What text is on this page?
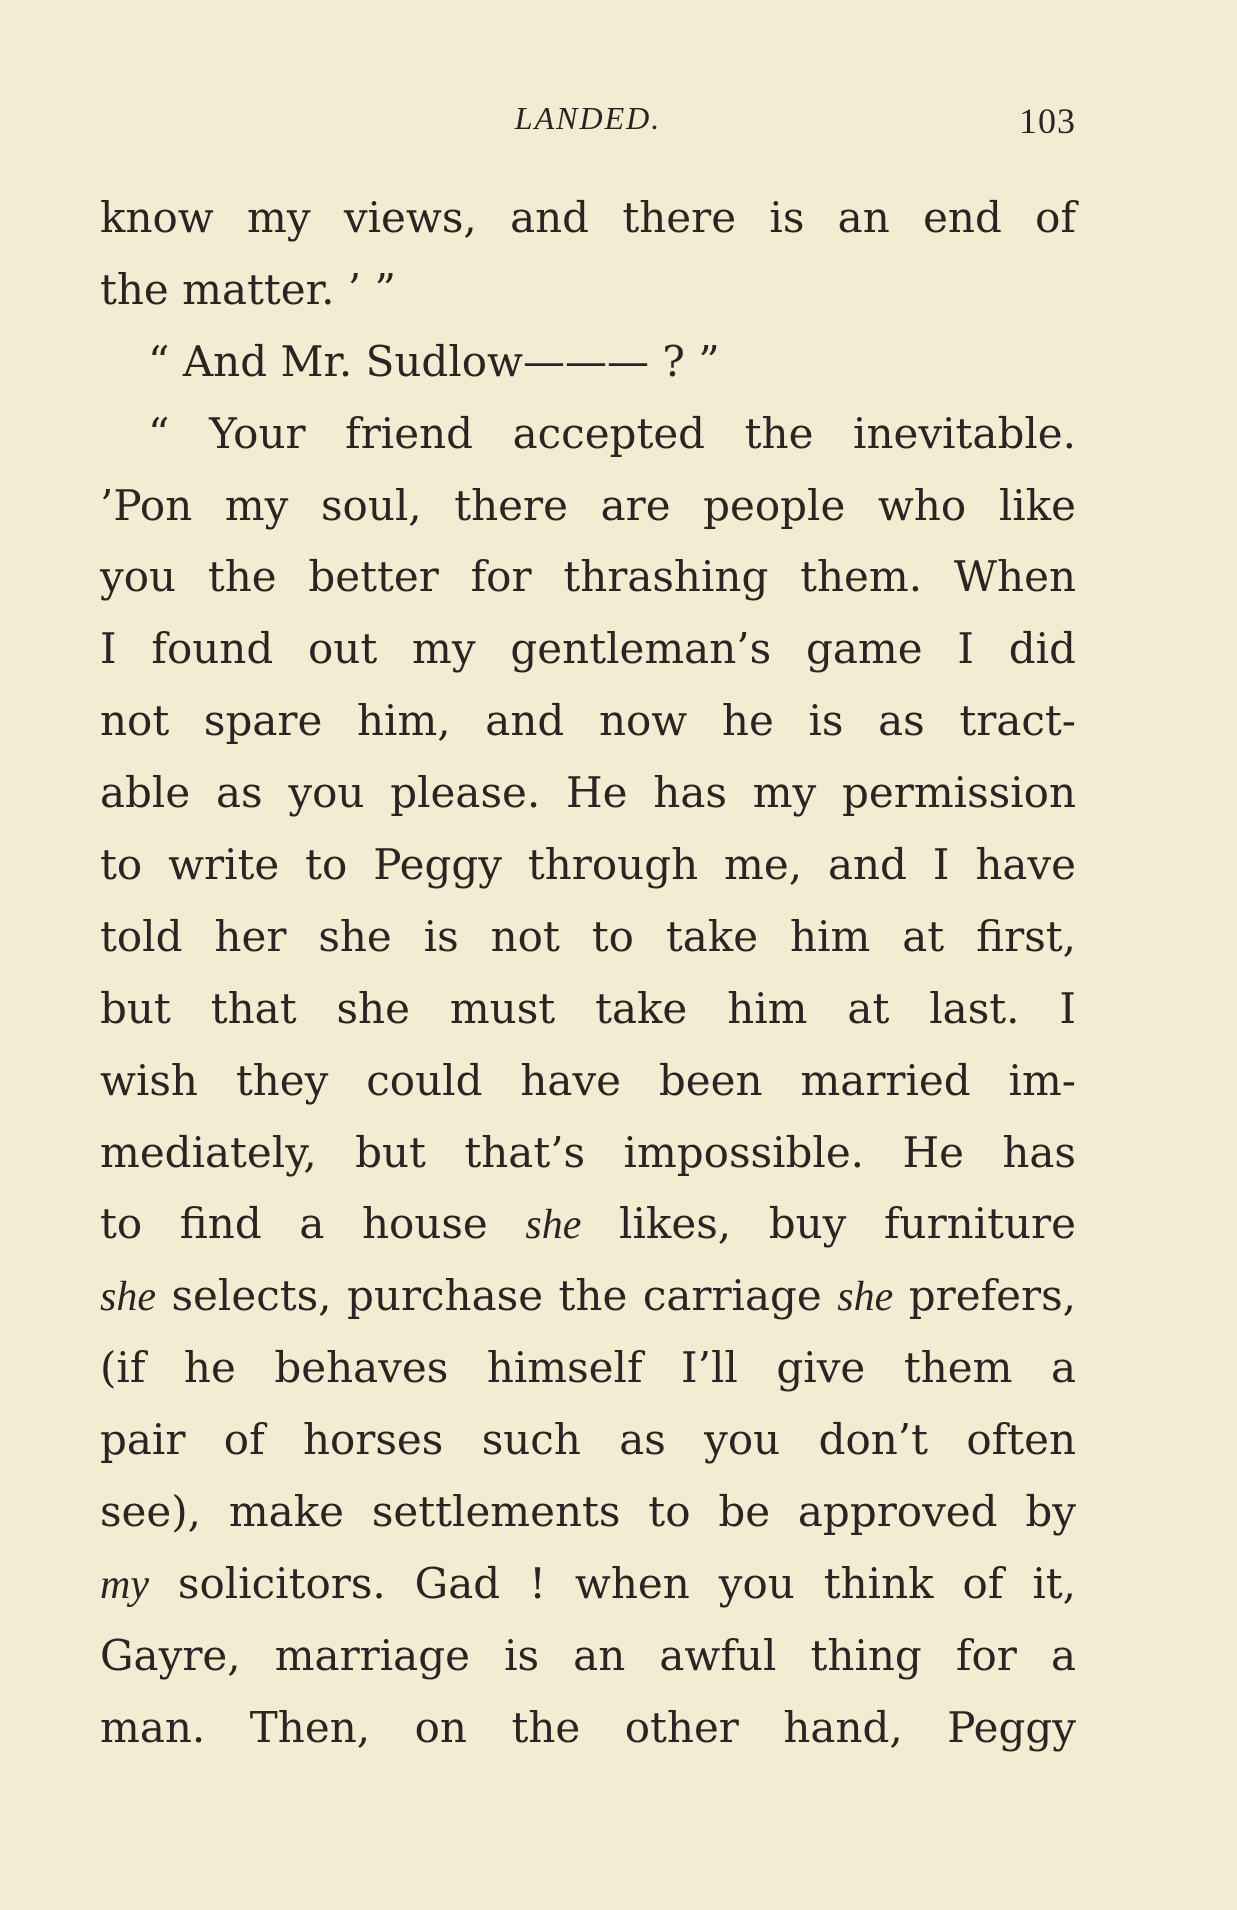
LANDED.	103
know my views, and there is an end of
the matter. ’ ”
“ And Mr. Sudlow——— ? ”
“ Your friend accepted the inevitable.
’Pon my soul, there are people who like
you the better for thrashing them. When
I found out my gentleman’s game I did
not spare him, and now he is as tract-
able as you please. He has my permission
to write to Peggy through me, and I have
told her she is not to take him at first,
but that she must take him at last. I
wish they could have been married im-
mediately, but that’s impossible. He has
to find a house she likes, buy furniture
she selects, purchase the carriage she prefers,
(if he behaves himself I’ll give them a
pair of horses such as you don’t often
see), make settlements to be approved by
my solicitors. Gad ! when you think of it,
Gayre, marriage is an awful thing for a
man. Then, on the other hand, Peggy
